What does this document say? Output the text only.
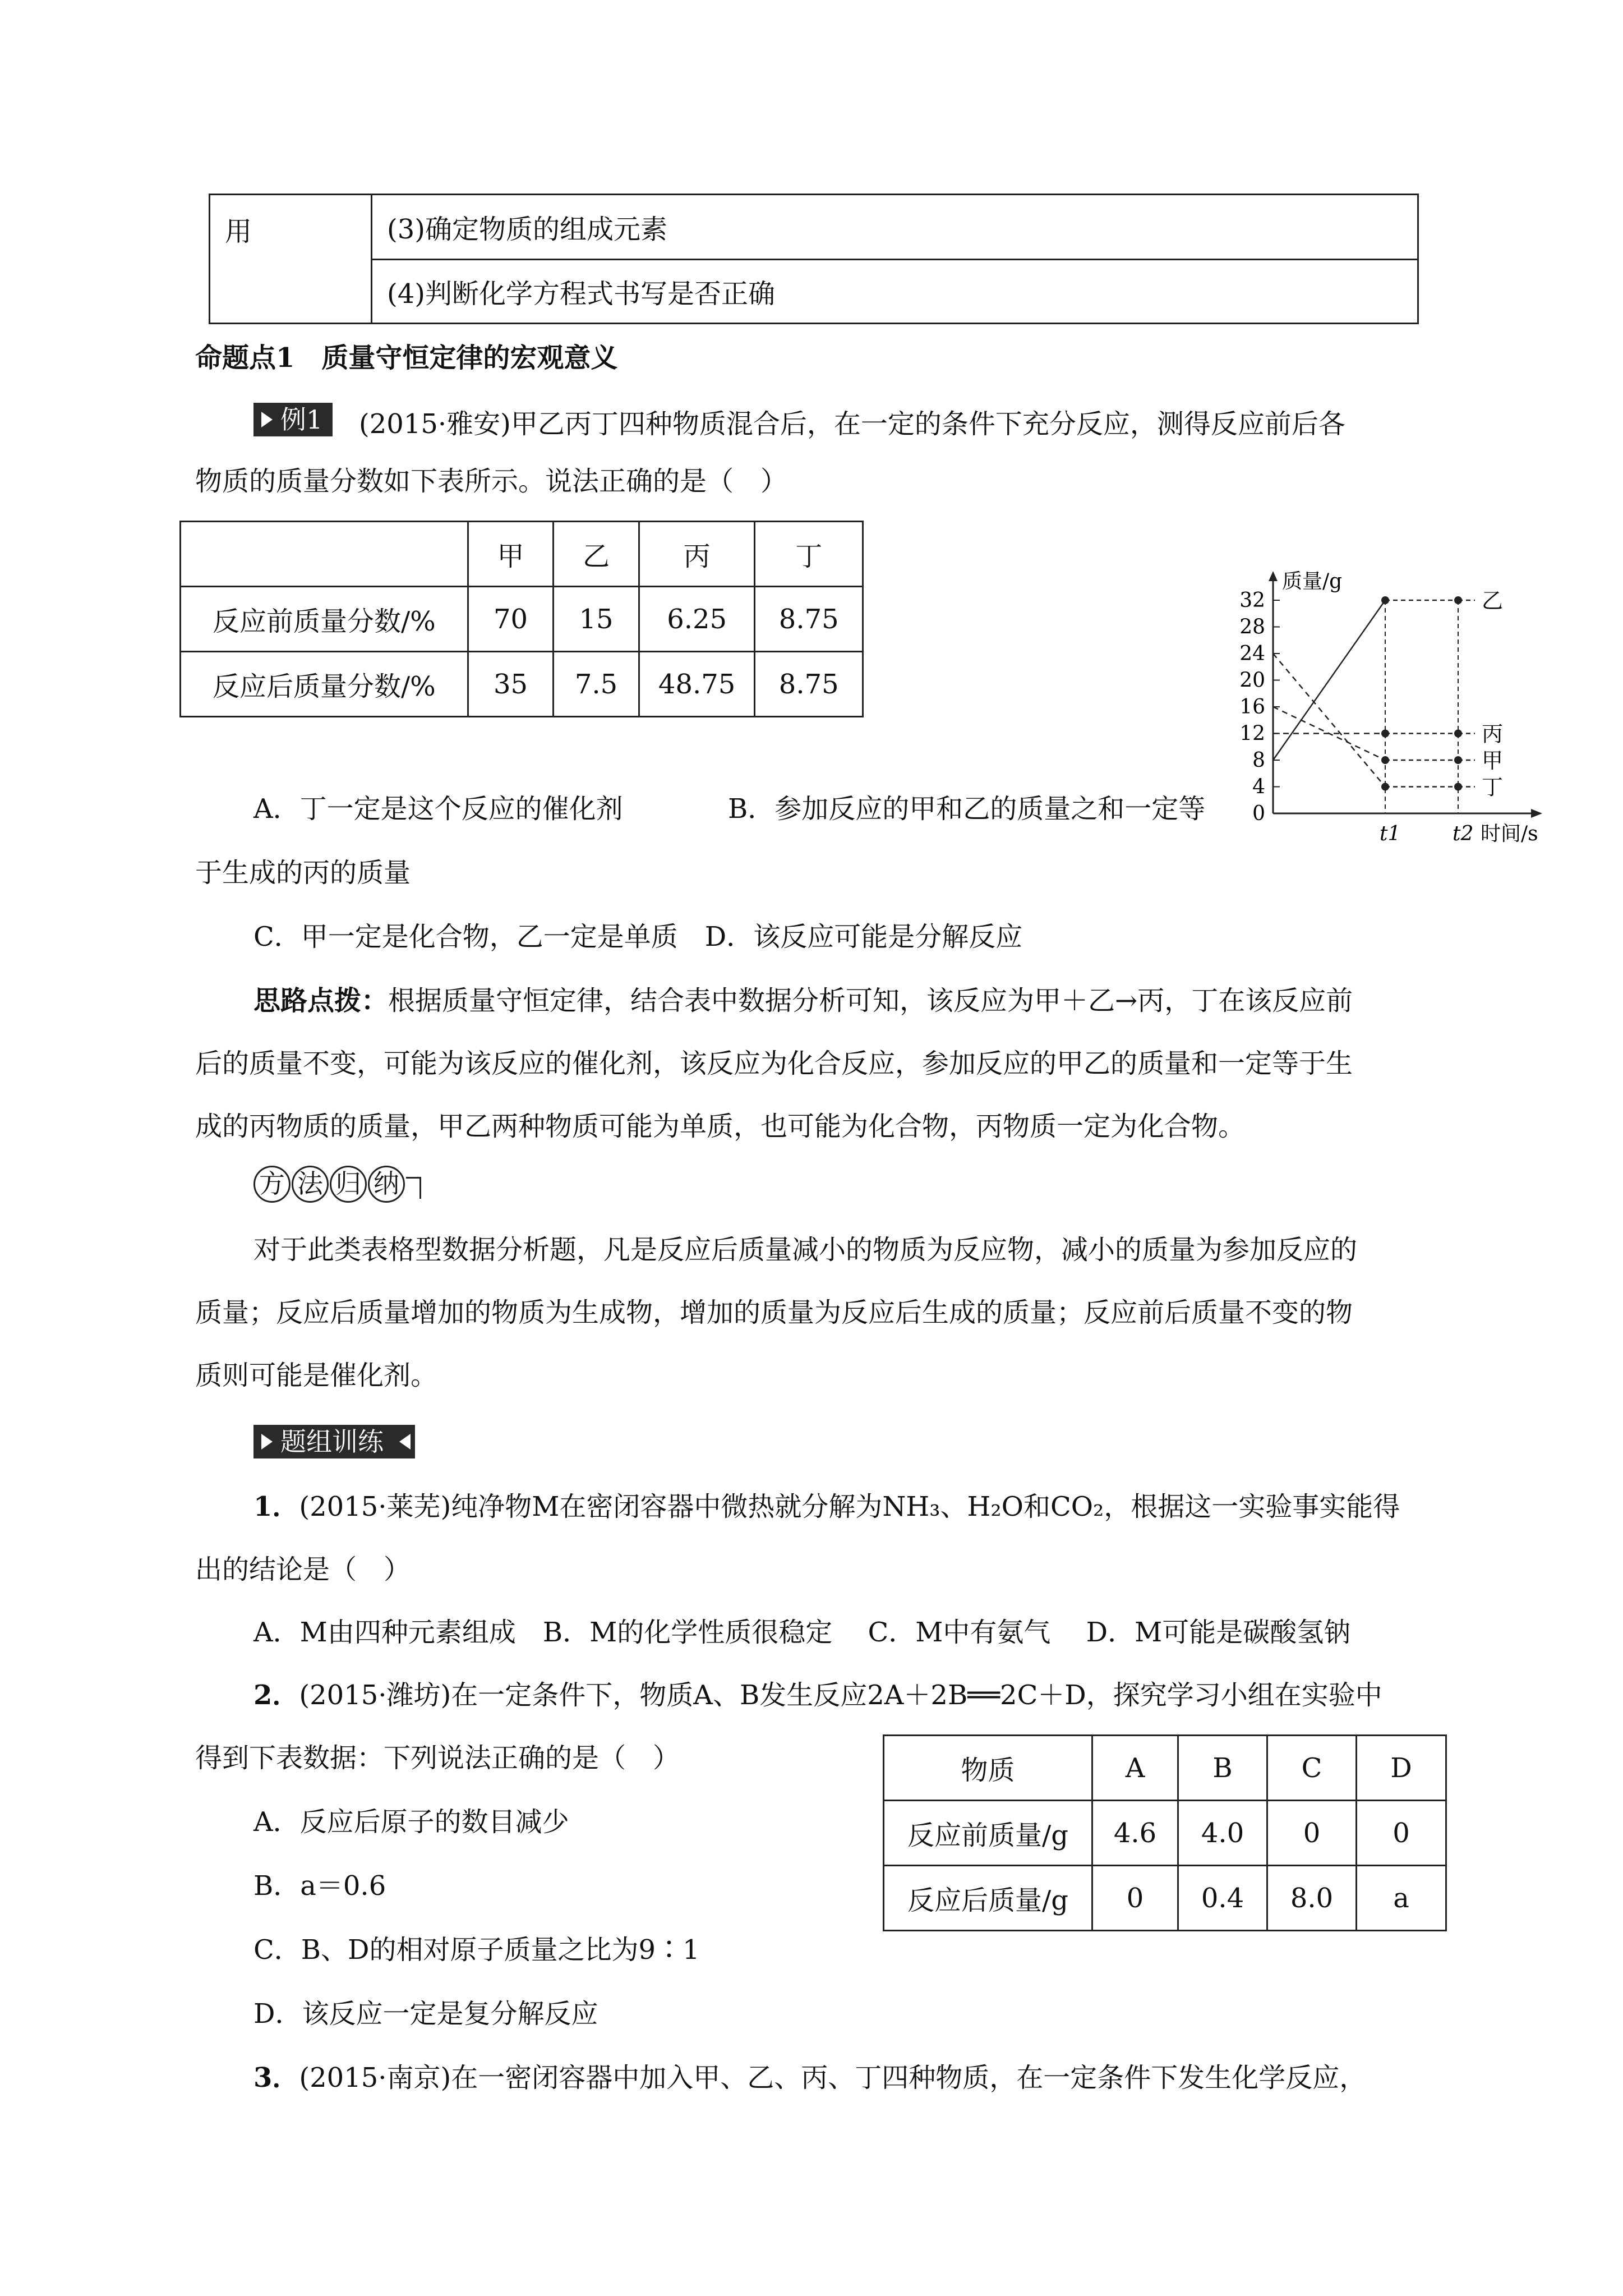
用	(3)确定物质的组成元素
(4)判断化学方程式书写是否正确
命题点1　质量守恒定律的宏观意义
例1	(2015·雅安)甲乙丙丁四种物质混合后，在一定的条件下充分反应，测得反应前后各
物质的质量分数如下表所示。说法正确的是（　）
	甲	乙	丙	丁
反应前质量分数/%	70	15	6.25	8.75
反应后质量分数/%	35	7.5	48.75	8.75
0
4
8
12
16
20
24
28
32
质量/g
t1	t2 时间/s
乙
丙
甲
丁
A．丁一定是这个反应的催化剂	B．参加反应的甲和乙的质量之和一定等
于生成的丙的质量
C．甲一定是化合物，乙一定是单质　D．该反应可能是分解反应
思路点拨：根据质量守恒定律，结合表中数据分析可知，该反应为甲＋乙→丙，丁在该反应前
后的质量不变，可能为该反应的催化剂，该反应为化合反应，参加反应的甲乙的质量和一定等于生
成的丙物质的质量，甲乙两种物质可能为单质，也可能为化合物，丙物质一定为化合物。
方 法 归 纳
对于此类表格型数据分析题，凡是反应后质量减小的物质为反应物，减小的质量为参加反应的
质量；反应后质量增加的物质为生成物，增加的质量为反应后生成的质量；反应前后质量不变的物
质则可能是催化剂。
题组训练
1．(2015·莱芜)纯净物M在密闭容器中微热就分解为NH₃、H₂O和CO₂，根据这一实验事实能得
出的结论是（　）
A．M由四种元素组成　B．M的化学性质很稳定　 C．M中有氨气　 D．M可能是碳酸氢钠
2．(2015·潍坊)在一定条件下，物质A、B发生反应2A＋2B══2C＋D，探究学习小组在实验中
得到下表数据：下列说法正确的是（　）
A．反应后原子的数目减少
B．a＝0.6
C．B、D的相对原子质量之比为9∶1
D．该反应一定是复分解反应
物质	A	B	C	D
反应前质量/g	4.6	4.0	0	0
反应后质量/g	0	0.4	8.0	a
3．(2015·南京)在一密闭容器中加入甲、乙、丙、丁四种物质，在一定条件下发生化学反应，
